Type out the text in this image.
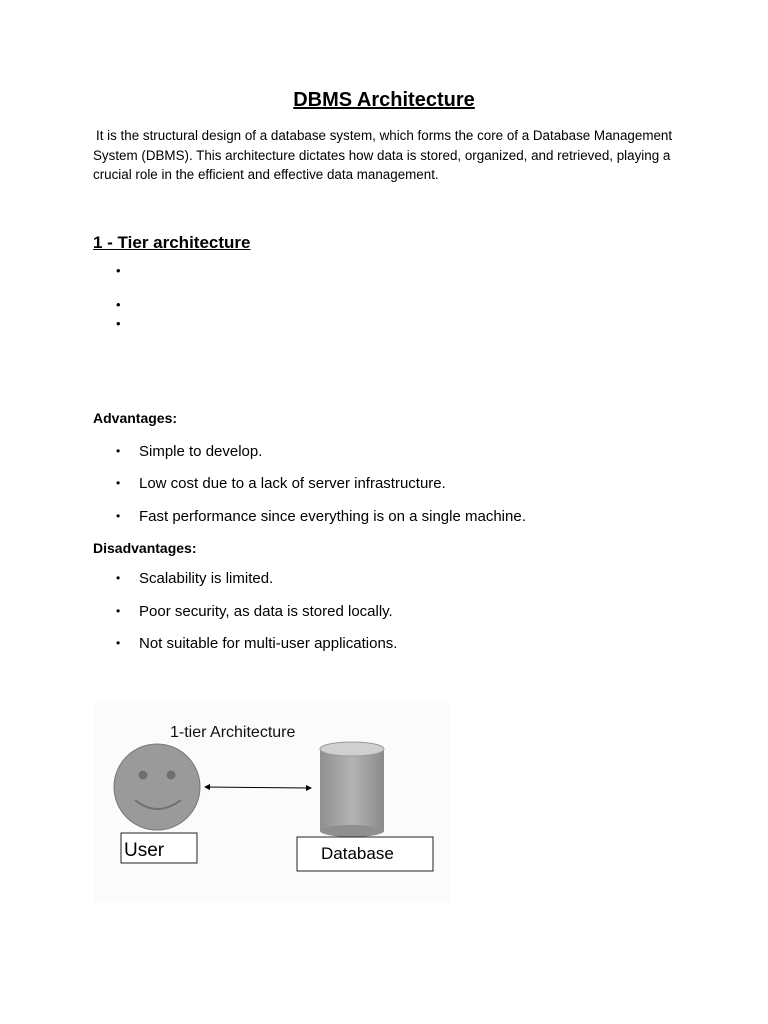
DBMS Architecture

It is the structural design of a database system, which forms the core of a Database Management System (DBMS). This architecture dictates how data is stored, organized, and retrieved, playing a crucial role in the efficient and effective data management.

1 - Tier architecture
•
•
•
Advantages:
• Simple to develop.
• Low cost due to a lack of server infrastructure.
• Fast performance since everything is on a single machine.
Disadvantages:
• Scalability is limited.
• Poor security, as data is stored locally.
• Not suitable for multi-user applications.
1-tier Architecture
User	Database
